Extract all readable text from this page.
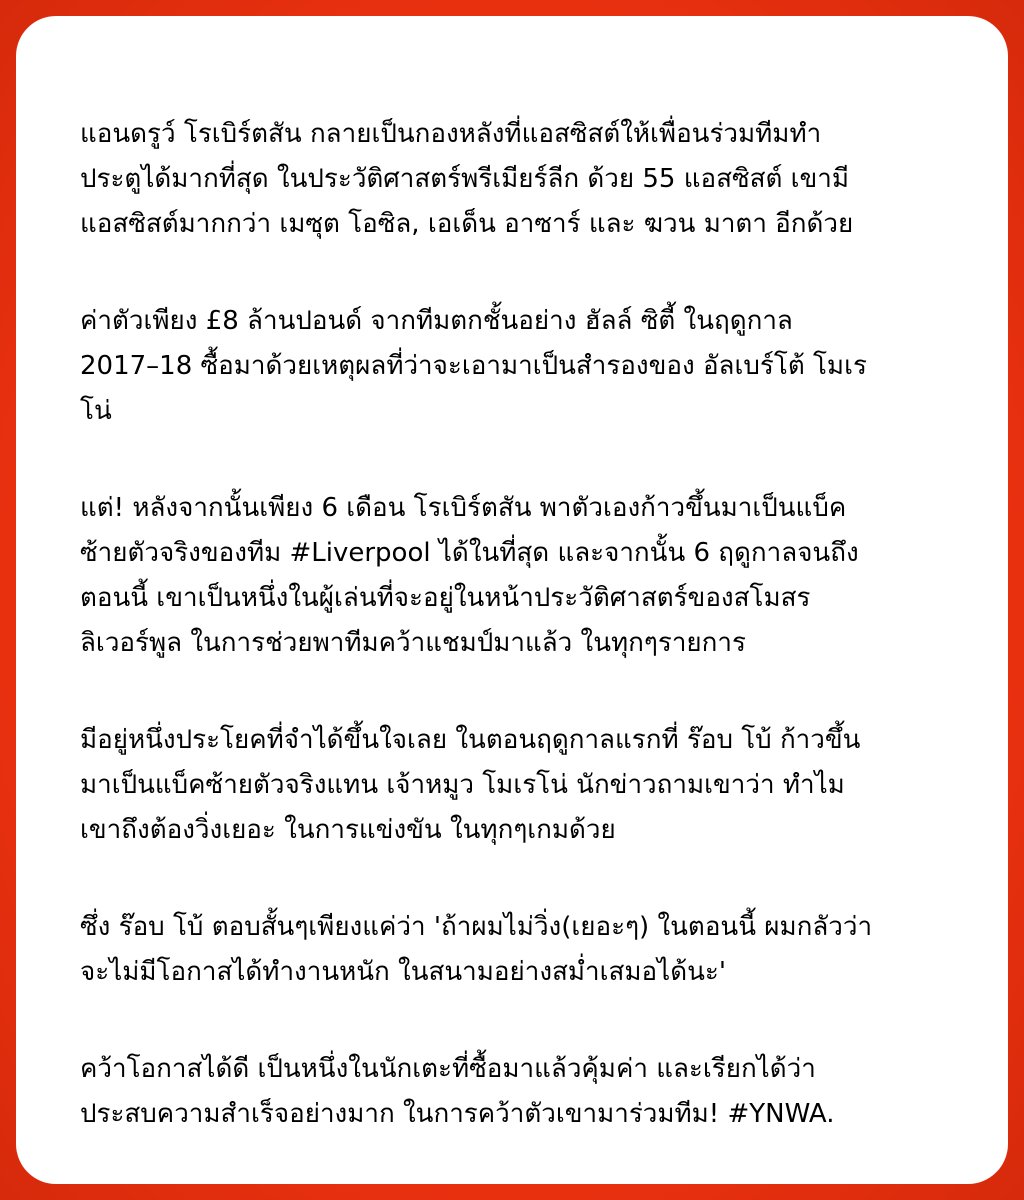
แอนดรูว์ โรเบิร์ตสัน กลายเป็นกองหลังที่แอสซิสต์ให้เพื่อนร่วมทีมทำ
ประตูได้มากที่สุด ในประวัติศาสตร์พรีเมียร์ลีก ด้วย 55 แอสซิสต์ เขามี
แอสซิสต์มากกว่า เมซุต โอซิล, เอเด็น อาซาร์ และ ฆวน มาตา อีกด้วย

ค่าตัวเพียง £8 ล้านปอนด์ จากทีมตกชั้นอย่าง ฮัลล์ ซิตี้ ในฤดูกาล
2017–18 ซื้อมาด้วยเหตุผลที่ว่าจะเอามาเป็นสำรองของ อัลเบร์โต้ โมเร
โน่

แต่! หลังจากนั้นเพียง 6 เดือน โรเบิร์ตสัน พาตัวเองก้าวขึ้นมาเป็นแบ็ค
ซ้ายตัวจริงของทีม #Liverpool ได้ในที่สุด และจากนั้น 6 ฤดูกาลจนถึง
ตอนนี้ เขาเป็นหนึ่งในผู้เล่นที่จะอยู่ในหน้าประวัติศาสตร์ของสโมสร
ลิเวอร์พูล ในการช่วยพาทีมคว้าแชมป์มาแล้ว ในทุกๆรายการ

มีอยู่หนึ่งประโยคที่จำได้ขึ้นใจเลย ในตอนฤดูกาลแรกที่ ร๊อบ โบ้ ก้าวขึ้น
มาเป็นแบ็คซ้ายตัวจริงแทน เจ้าหมูว โมเรโน่ นักข่าวถามเขาว่า ทำไม
เขาถึงต้องวิ่งเยอะ ในการแข่งขัน ในทุกๆเกมด้วย

ซึ่ง ร๊อบ โบ้ ตอบสั้นๆเพียงแค่ว่า 'ถ้าผมไม่วิ่ง(เยอะๆ) ในตอนนี้ ผมกลัวว่า
จะไม่มีโอกาสได้ทำงานหนัก ในสนามอย่างสม่ำเสมอได้นะ'

คว้าโอกาสได้ดี เป็นหนึ่งในนักเตะที่ซื้อมาแล้วคุ้มค่า และเรียกได้ว่า
ประสบความสำเร็จอย่างมาก ในการคว้าตัวเขามาร่วมทีม! #YNWA.
